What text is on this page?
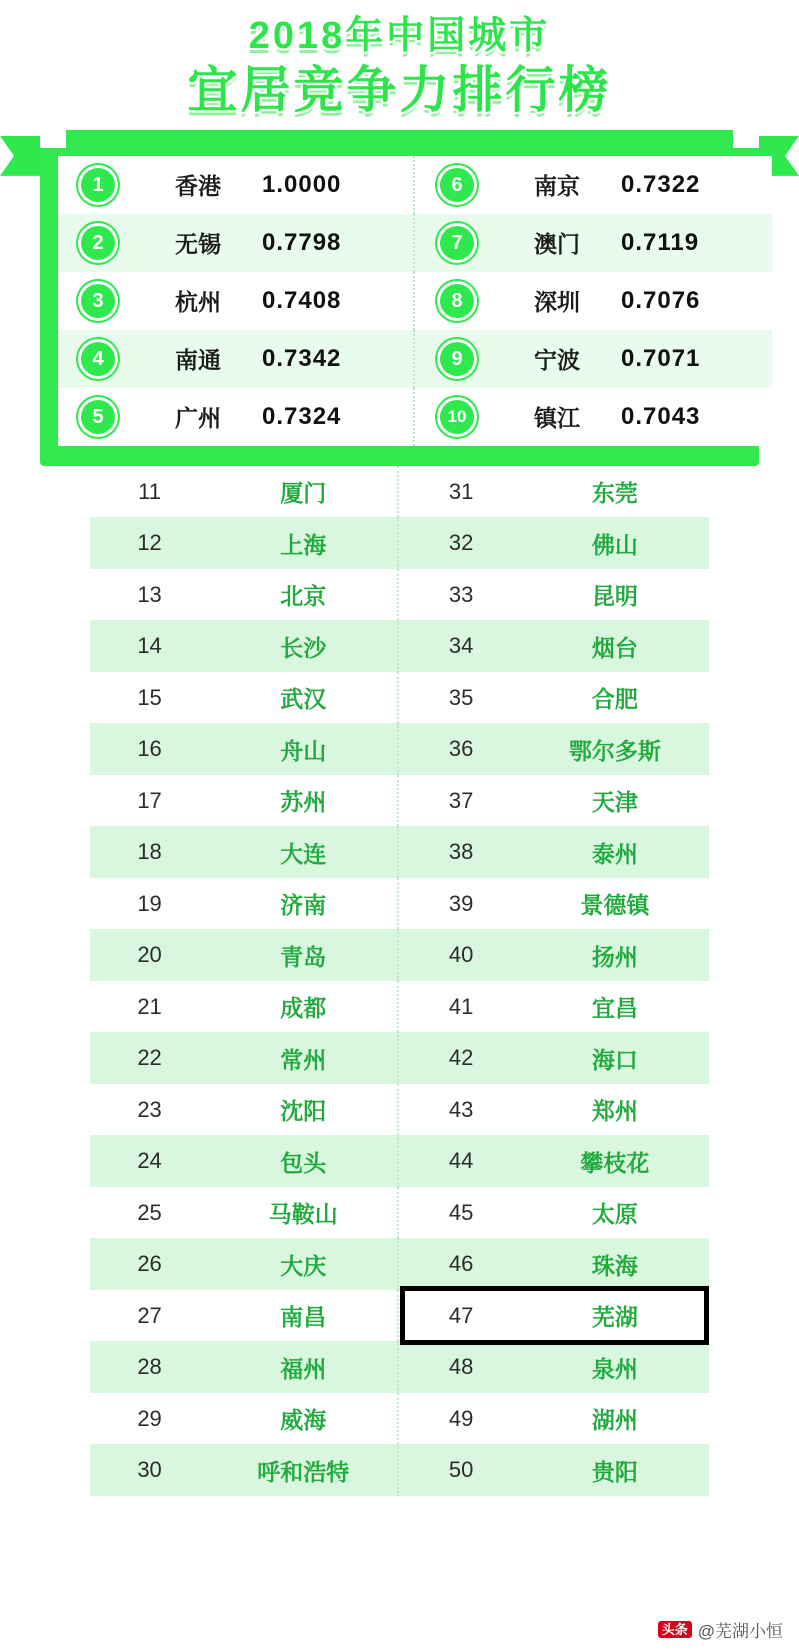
2018年中国城市
宜居竞争力排行榜
1	香港	1.0000		6	南京	0.7322
2	无锡	0.7798		7	澳门	0.7119
3	杭州	0.7408		8	深圳	0.7076
4	南通	0.7342		9	宁波	0.7071
5	广州	0.7324		10	镇江	0.7043
11	厦门		31	东莞
12	上海		32	佛山
13	北京		33	昆明
14	长沙		34	烟台
15	武汉		35	合肥
16	舟山		36	鄂尔多斯
17	苏州		37	天津
18	大连		38	泰州
19	济南		39	景德镇
20	青岛		40	扬州
21	成都		41	宜昌
22	常州		42	海口
23	沈阳		43	郑州
24	包头		44	攀枝花
25	马鞍山		45	太原
26	大庆		46	珠海
27	南昌		47	芜湖
28	福州		48	泉州
29	威海		49	湖州
30	呼和浩特		50	贵阳
头条 @芜湖小恒
